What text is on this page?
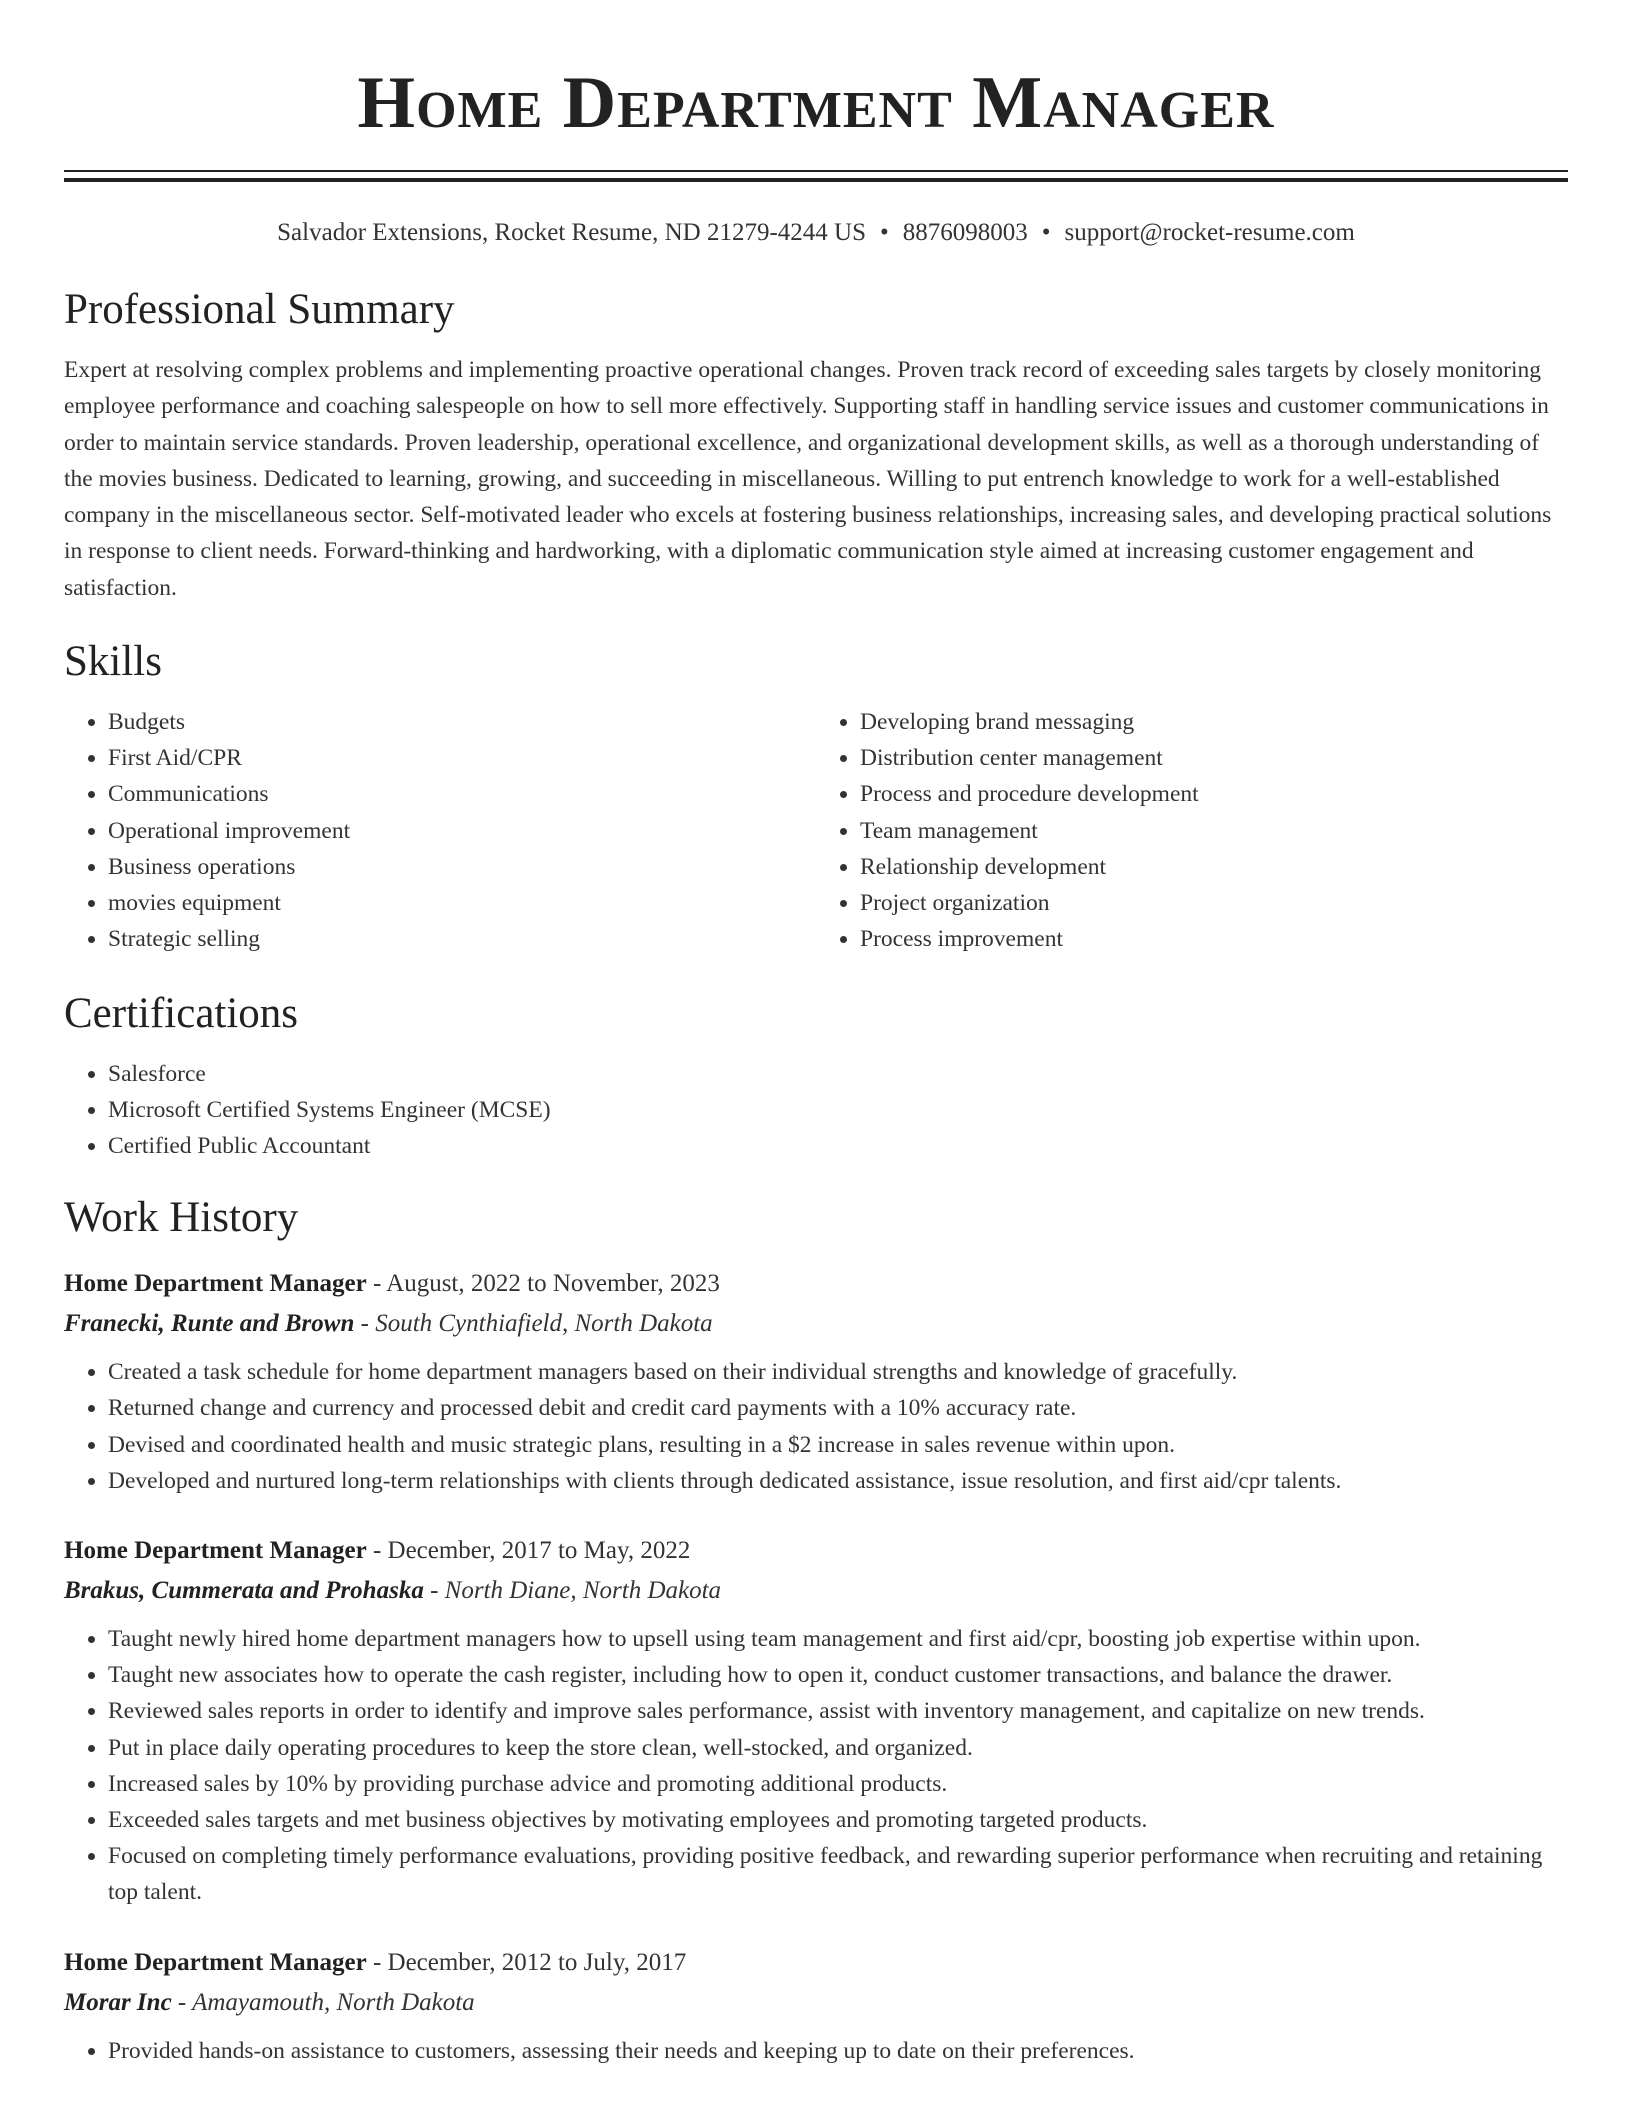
Home Department Manager
Salvador Extensions, Rocket Resume, ND 21279-4244 US • 8876098003 • support@rocket-resume.com
Professional Summary

Expert at resolving complex problems and implementing proactive operational changes. Proven track record of exceeding sales targets by closely monitoring employee performance and coaching salespeople on how to sell more effectively. Supporting staff in handling service issues and customer communications in order to maintain service standards. Proven leadership, operational excellence, and organizational development skills, as well as a thorough understanding of the movies business. Dedicated to learning, growing, and succeeding in miscellaneous. Willing to put entrench knowledge to work for a well-established company in the miscellaneous sector. Self-motivated leader who excels at fostering business relationships, increasing sales, and developing practical solutions in response to client needs. Forward-thinking and hardworking, with a diplomatic communication style aimed at increasing customer engagement and satisfaction.

Skills
• Budgets
• First Aid/CPR
• Communications
• Operational improvement
• Business operations
• movies equipment
• Strategic selling
• Developing brand messaging
• Distribution center management
• Process and procedure development
• Team management
• Relationship development
• Project organization
• Process improvement
Certifications
• Salesforce
• Microsoft Certified Systems Engineer (MCSE)
• Certified Public Accountant
Work History
Home Department Manager - August, 2022 to November, 2023
Franecki, Runte and Brown - South Cynthiafield, North Dakota
• Created a task schedule for home department managers based on their individual strengths and knowledge of gracefully.
• Returned change and currency and processed debit and credit card payments with a 10% accuracy rate.
• Devised and coordinated health and music strategic plans, resulting in a $2 increase in sales revenue within upon.
• Developed and nurtured long-term relationships with clients through dedicated assistance, issue resolution, and first aid/cpr talents.
Home Department Manager - December, 2017 to May, 2022
Brakus, Cummerata and Prohaska - North Diane, North Dakota
• Taught newly hired home department managers how to upsell using team management and first aid/cpr, boosting job expertise within upon.
• Taught new associates how to operate the cash register, including how to open it, conduct customer transactions, and balance the drawer.
• Reviewed sales reports in order to identify and improve sales performance, assist with inventory management, and capitalize on new trends.
• Put in place daily operating procedures to keep the store clean, well-stocked, and organized.
• Increased sales by 10% by providing purchase advice and promoting additional products.
• Exceeded sales targets and met business objectives by motivating employees and promoting targeted products.
• Focused on completing timely performance evaluations, providing positive feedback, and rewarding superior performance when recruiting and retaining top talent.
Home Department Manager - December, 2012 to July, 2017
Morar Inc - Amayamouth, North Dakota
• Provided hands-on assistance to customers, assessing their needs and keeping up to date on their preferences.
